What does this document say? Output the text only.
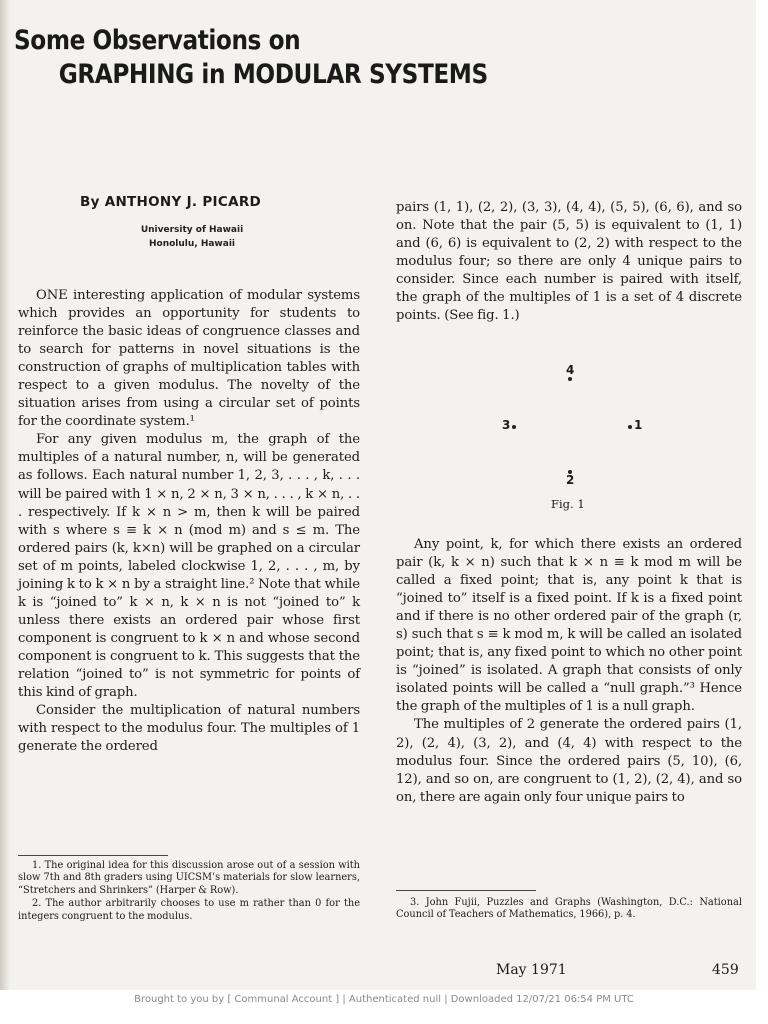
Some Observations on
GRAPHING in MODULAR SYSTEMS
By ANTHONY J. PICARD
University of Hawaii
Honolulu, Hawaii

ONE interesting application of modular systems which provides an opportunity for students to reinforce the basic ideas of congruence classes and to search for patterns in novel situations is the construction of graphs of multiplication tables with respect to a given modulus. The novelty of the situation arises from using a circular set of points for the coordinate system.¹

For any given modulus m, the graph of the multiples of a natural number, n, will be generated as follows. Each natural number 1, 2, 3, . . . , k, . . . will be paired with 1 × n, 2 × n, 3 × n, . . . , k × n, . . . respectively. If k × n > m, then k will be paired with s where s ≡ k × n (mod m) and s ≤ m. The ordered pairs (k, k×n) will be graphed on a circular set of m points, labeled clockwise 1, 2, . . . , m, by joining k to k × n by a straight line.² Note that while k is “joined to” k × n, k × n is not “joined to” k unless there exists an ordered pair whose first component is congruent to k × n and whose second component is congruent to k. This suggests that the relation “joined to” is not symmetric for points of this kind of graph.

Consider the multiplication of natural numbers with respect to the modulus four. The multiples of 1 generate the ordered

1. The original idea for this discussion arose out of a session with slow 7th and 8th graders using UICSM’s materials for slow learners, “Stretchers and Shrinkers” (Harper & Row).

2. The author arbitrarily chooses to use m rather than 0 for the integers congruent to the modulus.

pairs (1, 1), (2, 2), (3, 3), (4, 4), (5, 5), (6, 6), and so on. Note that the pair (5, 5) is equivalent to (1, 1) and (6, 6) is equivalent to (2, 2) with respect to the modulus four; so there are only 4 unique pairs to consider. Since each number is paired with itself, the graph of the multiples of 1 is a set of 4 discrete points. (See fig. 1.)

4
3	1
2
Fig. 1

Any point, k, for which there exists an ordered pair (k, k × n) such that k × n ≡ k mod m will be called a fixed point; that is, any point k that is “joined to” itself is a fixed point. If k is a fixed point and if there is no other ordered pair of the graph (r, s) such that s ≡ k mod m, k will be called an isolated point; that is, any fixed point to which no other point is “joined” is isolated. A graph that consists of only isolated points will be called a “null graph.”³ Hence the graph of the multiples of 1 is a null graph.

The multiples of 2 generate the ordered pairs (1, 2), (2, 4), (3, 2), and (4, 4) with respect to the modulus four. Since the ordered pairs (5, 10), (6, 12), and so on, are congruent to (1, 2), (2, 4), and so on, there are again only four unique pairs to

3. John Fujii, Puzzles and Graphs (Washington, D.C.: National Council of Teachers of Mathematics, 1966), p. 4.

May 1971	459
Brought to you by [ Communal Account ] | Authenticated null | Downloaded 12/07/21 06:54 PM UTC
